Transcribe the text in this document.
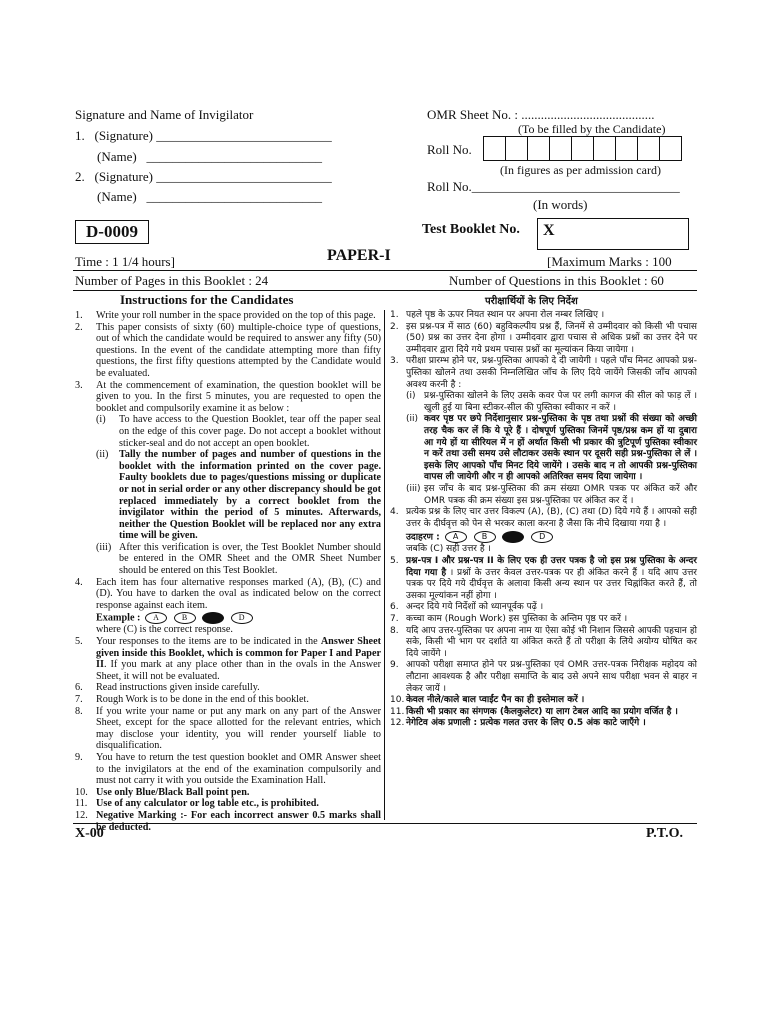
Signature and Name of Invigilator
1.   (Signature) ___________________________
(Name)   ___________________________
2.   (Signature) ___________________________
(Name)   ___________________________
OMR Sheet No. : .........................................
(To be filled by the Candidate)
Roll No.
(In figures as per admission card)
Roll No.________________________________
(In words)
D-0009	Test Booklet No. X
Time : 1 1/4 hours]	PAPER-I	[Maximum Marks : 100
Number of Pages in this Booklet : 24	Number of Questions in this Booklet : 60
Instructions for the Candidates	परीक्षार्थियों के लिए निर्देश
1. Write your roll number in the space provided on the top of this page.
2. This paper consists of sixty (60) multiple-choice type of questions, out of which the candidate would be required to answer any fifty (50) questions. In the event of the candidate attempting more than fifty questions, the first fifty questions attempted by the Candidate would be evaluated.
3. At the commencement of examination, the question booklet will be given to you. In the first 5 minutes, you are requested to open the booklet and compulsorily examine it as below :
(i) To have access to the Question Booklet, tear off the paper seal on the edge of this cover page. Do not accept a booklet without sticker-seal and do not accept an open booklet.
(ii) Tally the number of pages and number of questions in the booklet with the information printed on the cover page. Faulty booklets due to pages/questions missing or duplicate or not in serial order or any other discrepancy should be got replaced immediately by a correct booklet from the invigilator within the period of 5 minutes. Afterwards, neither the Question Booklet will be replaced nor any extra time will be given.
(iii) After this verification is over, the Test Booklet Number should be entered in the OMR Sheet and the OMR Sheet Number should be entered on this Test Booklet.
4. Each item has four alternative responses marked (A), (B), (C) and (D). You have to darken the oval as indicated below on the correct response against each item.
Example : A	B	D
where (C) is the correct response.
5. Your responses to the items are to be indicated in the Answer Sheet given inside this Booklet, which is common for Paper I and Paper II. If you mark at any place other than in the ovals in the Answer Sheet, it will not be evaluated.
6. Read instructions given inside carefully.
7. Rough Work is to be done in the end of this booklet.
8. If you write your name or put any mark on any part of the Answer Sheet, except for the space allotted for the relevant entries, which may disclose your identity, you will render yourself liable to disqualification.
9. You have to return the test question booklet and OMR Answer sheet to the invigilators at the end of the examination compulsorily and must not carry it with you outside the Examination Hall.
10. Use only Blue/Black Ball point pen.
11. Use of any calculator or log table etc., is prohibited.
12. Negative Marking :- For each incorrect answer 0.5 marks shall be deducted.
1. पहले पृष्ठ के ऊपर नियत स्थान पर अपना रोल नम्बर लिखिए ।
2. इस प्रश्न-पत्र में साठ (60) बहुविकल्पीय प्रश्न हैं, जिनमें से उम्मीदवार को किसी भी पचास (50) प्रश्न का उत्तर देना होगा । उम्मीदवार द्वारा पचास से अधिक प्रश्नों का उत्तर देने पर उम्मीदवार द्वारा दिये गये प्रथम पचास प्रश्नों का मूल्यांकन किया जायेगा ।
3. परीक्षा प्रारम्भ होने पर, प्रश्न-पुस्तिका आपको दे दी जायेगी । पहले पाँच मिनट आपको प्रश्न-पुस्तिका खोलने तथा उसकी निम्नलिखित जाँच के लिए दिये जायेंगे जिसकी जाँच आपको अवश्य करनी है :
(i) प्रश्न-पुस्तिका खोलने के लिए उसके कवर पेज पर लगी कागज की सील को फाड़ लें । खुली हुई या बिना स्टीकर-सील की पुस्तिका स्वीकार न करें ।
(ii) कवर पृष्ठ पर छपे निर्देशानुसार प्रश्न-पुस्तिका के पृष्ठ तथा प्रश्नों की संख्या को अच्छी तरह चैक कर लें कि ये पूरे हैं । दोषपूर्ण पुस्तिका जिनमें पृष्ठ/प्रश्न कम हों या दुबारा आ गये हों या सीरियल में न हों अर्थात किसी भी प्रकार की त्रुटिपूर्ण पुस्तिका स्वीकार न करें तथा उसी समय उसे लौटाकर उसके स्थान पर दूसरी सही प्रश्न-पुस्तिका ले लें । इसके लिए आपको पाँच मिनट दिये जायेंगे । उसके बाद न तो आपकी प्रश्न-पुस्तिका वापस ली जायेगी और न ही आपको अतिरिक्त समय दिया जायेगा ।
(iii) इस जाँच के बाद प्रश्न-पुस्तिका की क्रम संख्या OMR पत्रक पर अंकित करें और OMR पत्रक की क्रम संख्या इस प्रश्न-पुस्तिका पर अंकित कर दें ।
4. प्रत्येक प्रश्न के लिए चार उत्तर विकल्प (A), (B), (C) तथा (D) दिये गये हैं । आपको सही उत्तर के दीर्घवृत्त को पेन से भरकर काला करना है जैसा कि नीचे दिखाया गया है ।
उदाहरण : A	B	D
जबकि (C) सही उत्तर है ।
5. प्रश्न-पत्र I और प्रश्न-पत्र II के लिए एक ही उत्तर पत्रक है जो इस प्रश्न पुस्तिका के अन्दर दिया गया है । प्रश्नों के उत्तर केवल उत्तर-पत्रक पर ही अंकित करने हैं । यदि आप उत्तर पत्रक पर दिये गये दीर्घवृत्त के अलावा किसी अन्य स्थान पर उत्तर चिह्नांकित करते हैं, तो उसका मूल्यांकन नहीं होगा ।
6. अन्दर दिये गये निर्देशों को ध्यानपूर्वक पढ़ें ।
7. कच्चा काम (Rough Work) इस पुस्तिका के अन्तिम पृष्ठ पर करें ।
8. यदि आप उत्तर-पुस्तिका पर अपना नाम या ऐसा कोई भी निशान जिससे आपकी पहचान हो सके, किसी भी भाग पर दर्शाते या अंकित करते हैं तो परीक्षा के लिये अयोग्य घोषित कर दिये जायेंगे ।
9. आपको परीक्षा समाप्त होने पर प्रश्न-पुस्तिका एवं OMR उत्तर-पत्रक निरीक्षक महोदय को लौटाना आवश्यक है और परीक्षा समाप्ति के बाद उसे अपने साथ परीक्षा भवन से बाहर न लेकर जायें ।
10. केवल नीले/काले बाल प्वाईंट पैन का ही इस्तेमाल करें ।
11. किसी भी प्रकार का संगणक (कैलकुलेटर) या लाग टेबल आदि का प्रयोग वर्जित है ।
12. नेगेटिव अंक प्रणाली : प्रत्येक गलत उत्तर के लिए 0.5 अंक काटे जाएँगे ।
X-00	P.T.O.
